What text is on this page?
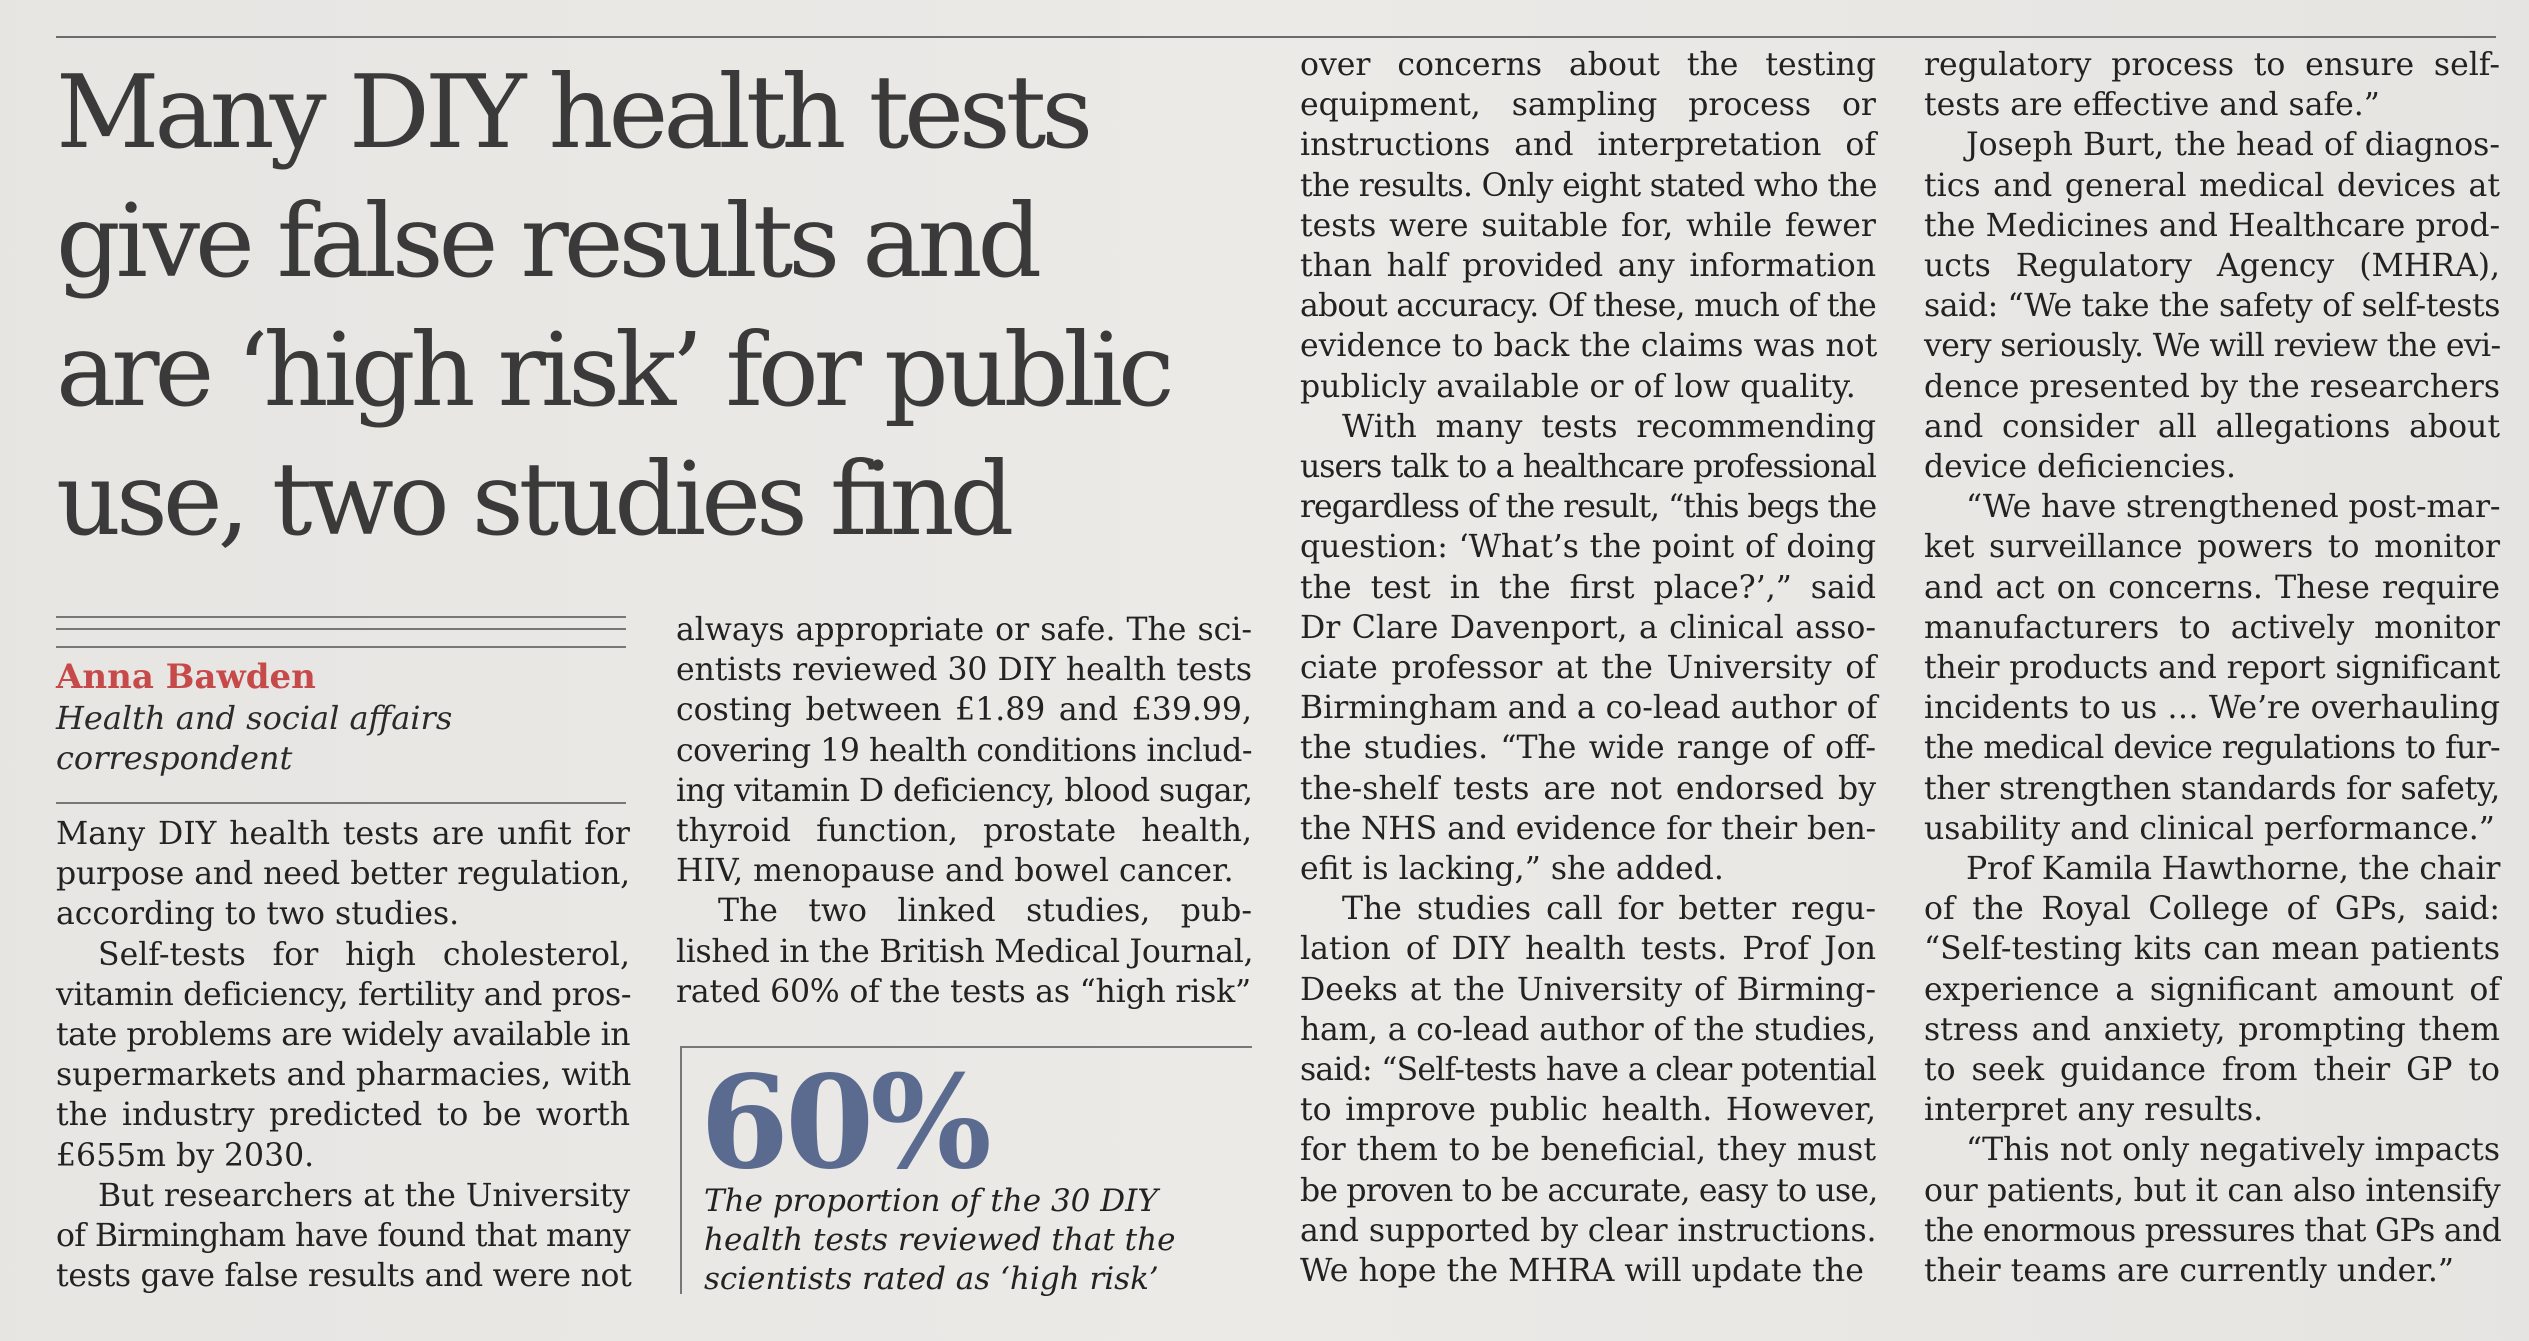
Many DIY health tests
give false results and
are ‘high risk’ for public
use, two studies find
Anna Bawden
Health and social affairs
correspondent

Many DIY health tests are unfit for
purpose and need better regulation,
according to two studies.

Self-tests for high cholesterol,
vitamin deficiency, fertility and pros-
tate problems are widely available in
supermarkets and pharmacies, with
the industry predicted to be worth
£655m by 2030.

But researchers at the University
of Birmingham have found that many
tests gave false results and were not

always appropriate or safe. The sci-
entists reviewed 30 DIY health tests
costing between £1.89 and £39.99,
covering 19 health conditions includ-
ing vitamin D deficiency, blood sugar,
thyroid function, prostate health,
HIV, menopause and bowel cancer.

The two linked studies, pub-
lished in the British Medical Journal,
rated 60% of the tests as “high risk”

over concerns about the testing
equipment, sampling process or
instructions and interpretation of
the results. Only eight stated who the
tests were suitable for, while fewer
than half provided any information
about accuracy. Of these, much of the
evidence to back the claims was not
publicly available or of low quality.

With many tests recommending
users talk to a healthcare professional
regardless of the result, “this begs the
question: ‘What’s the point of doing
the test in the first place?’,” said
Dr Clare Davenport, a clinical asso-
ciate professor at the University of
Birmingham and a co-lead author of
the studies. “The wide range of off-
the-shelf tests are not endorsed by
the NHS and evidence for their ben-
efit is lacking,” she added.

The studies call for better regu-
lation of DIY health tests. Prof Jon
Deeks at the University of Birming-
ham, a co-lead author of the studies,
said: “Self-tests have a clear potential
to improve public health. However,
for them to be beneficial, they must
be proven to be accurate, easy to use,
and supported by clear instructions.
We hope the MHRA will update the

regulatory process to ensure self-
tests are effective and safe.”

Joseph Burt, the head of diagnos-
tics and general medical devices at
the Medicines and Healthcare prod-
ucts Regulatory Agency (MHRA),
said: “We take the safety of self-tests
very seriously. We will review the evi-
dence presented by the researchers
and consider all allegations about
device deficiencies.

“We have strengthened post-mar-
ket surveillance powers to monitor
and act on concerns. These require
manufacturers to actively monitor
their products and report significant
incidents to us … We’re overhauling
the medical device regulations to fur-
ther strengthen standards for safety,
usability and clinical performance.”

Prof Kamila Hawthorne, the chair
of the Royal College of GPs, said:
“Self-testing kits can mean patients
experience a significant amount of
stress and anxiety, prompting them
to seek guidance from their GP to
interpret any results.

“This not only negatively impacts
our patients, but it can also intensify
the enormous pressures that GPs and
their teams are currently under.”

60%
The proportion of the 30 DIY
health tests reviewed that the
scientists rated as ‘high risk’
